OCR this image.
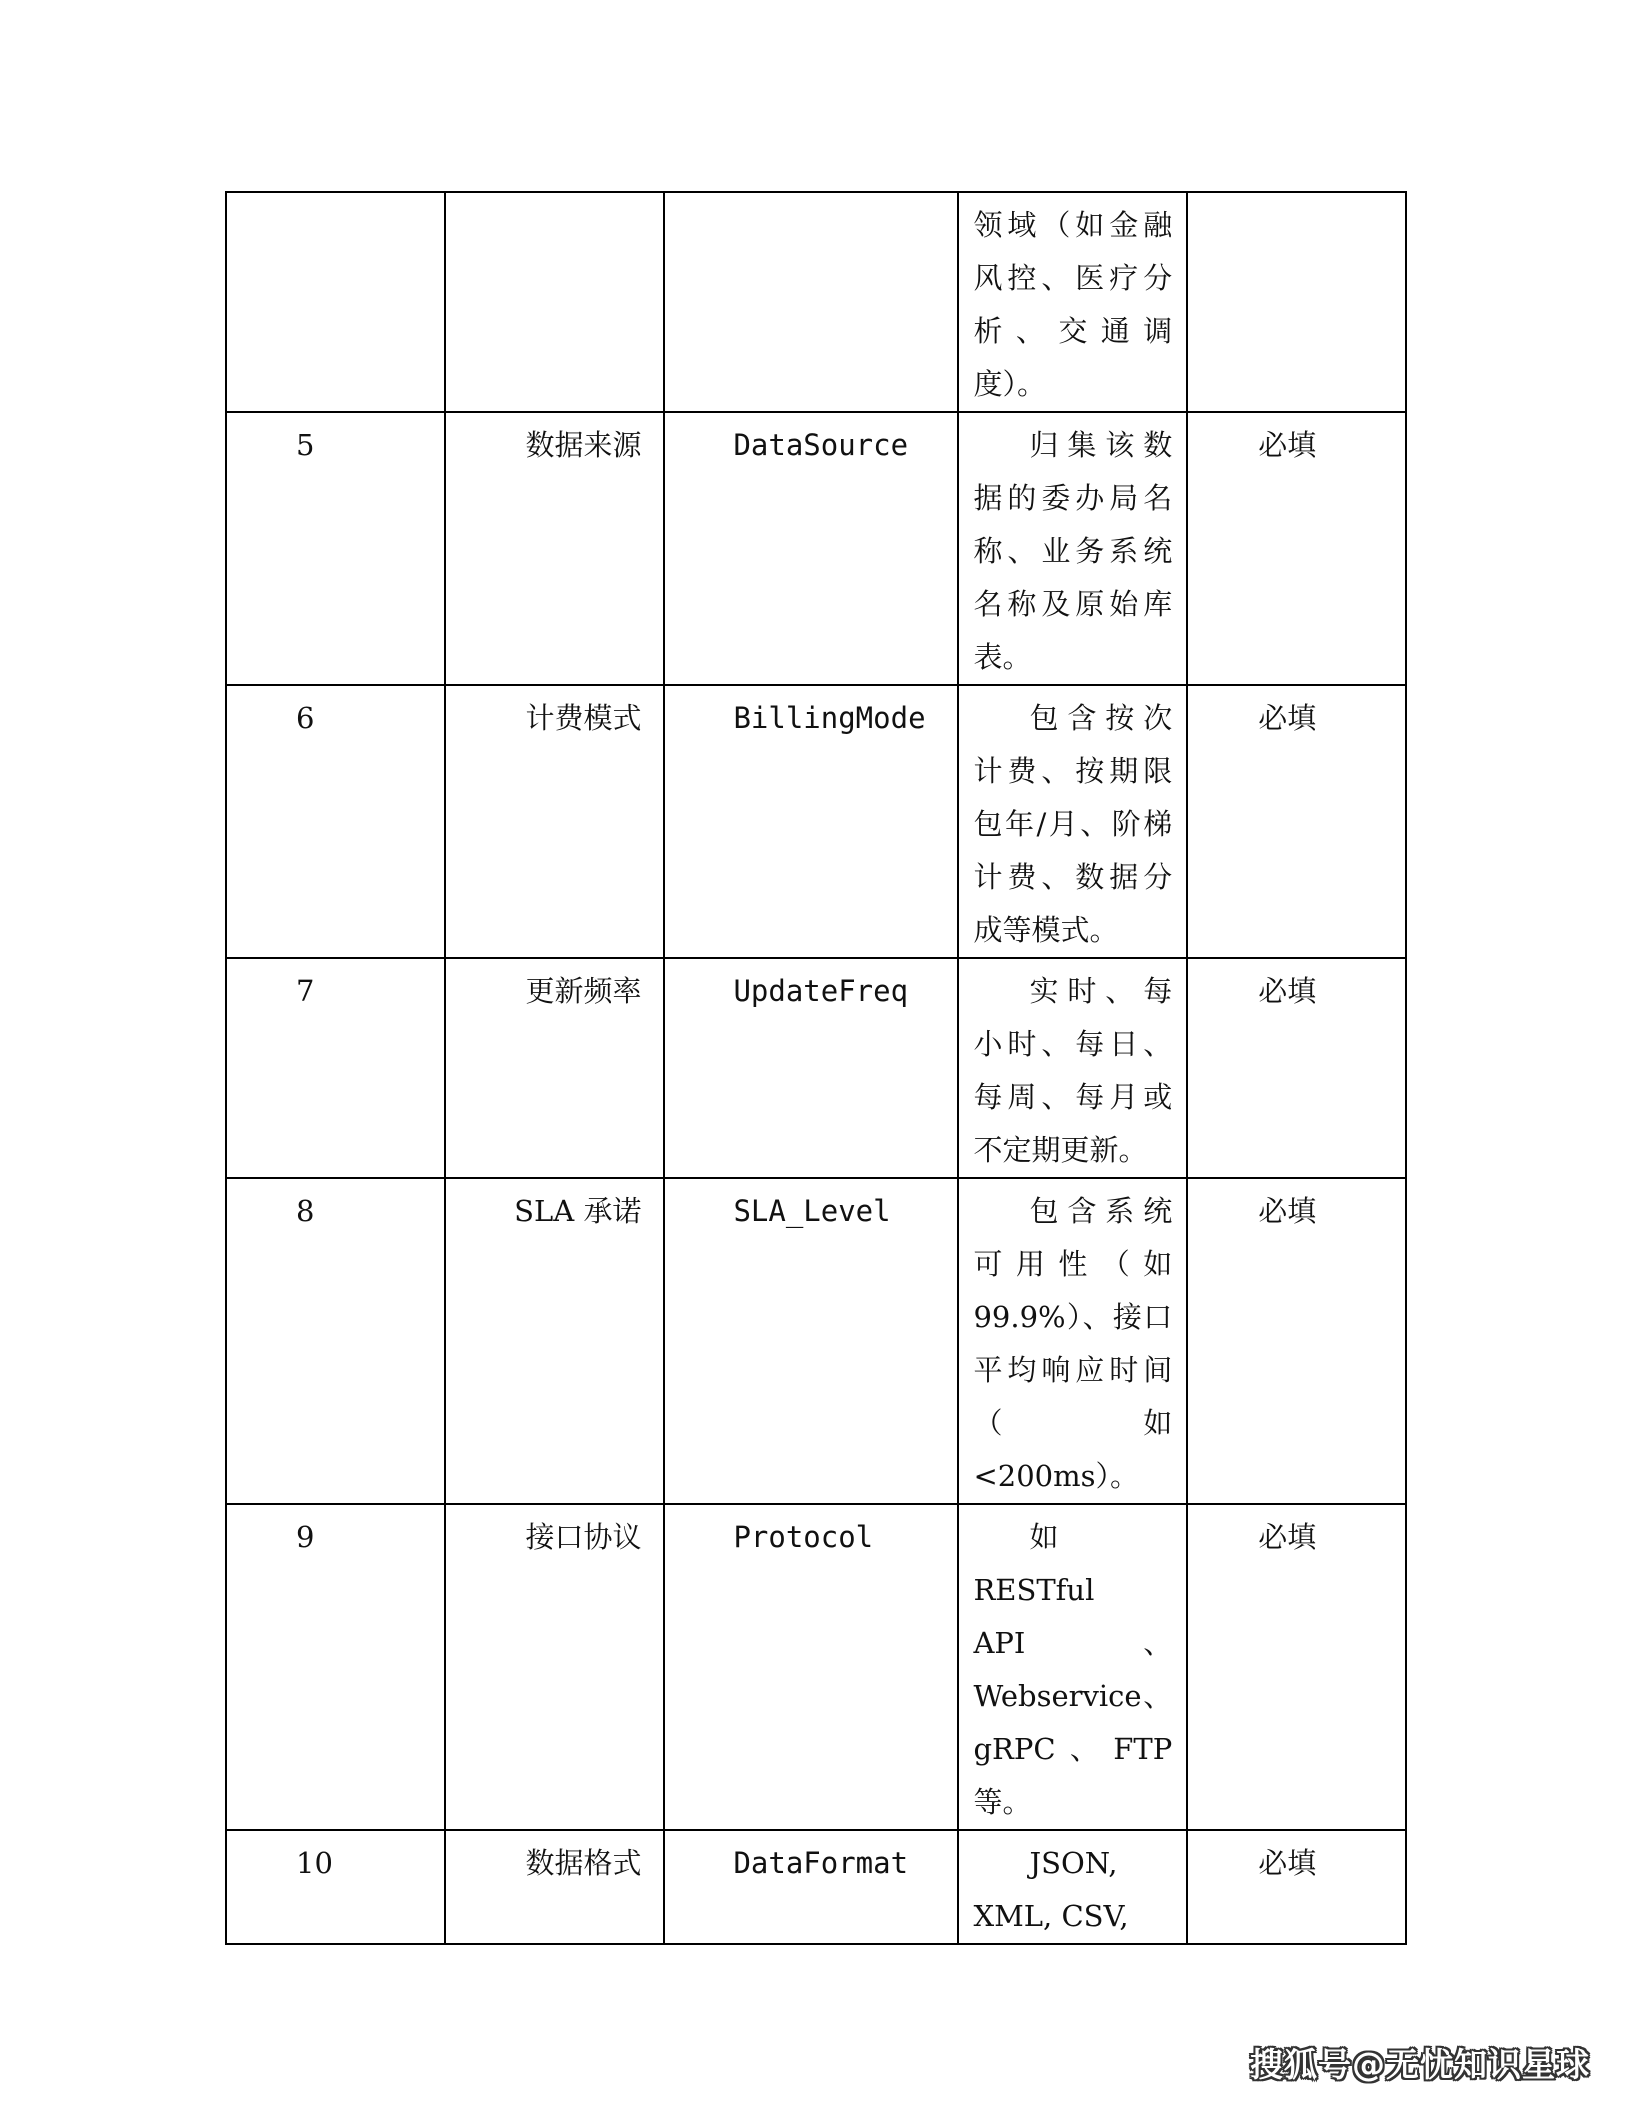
			领域（如金融风控、医疗分析、交通调度）。	

5	数据来源	DataSource	归集该数据的委办局名称、业务系统名称及原始库表。	必填
6	计费模式	BillingMode	包含按次计费、按期限包年/月、阶梯计费、数据分成等模式。	必填
7	更新频率	UpdateFreq	实时、每小时、每日、每周、每月或不定期更新。	必填
8	SLA 承诺	SLA_Level	包含系统可用性（如99.9%）、接口平均响应时间（如<200ms）。	必填
9	接口协议	Protocol	如RESTful API、Webservice、gRPC、FTP等。	必填
10	数据格式	DataFormat	JSON, XML, CSV,	必填
搜狐号@无忧知识星球
